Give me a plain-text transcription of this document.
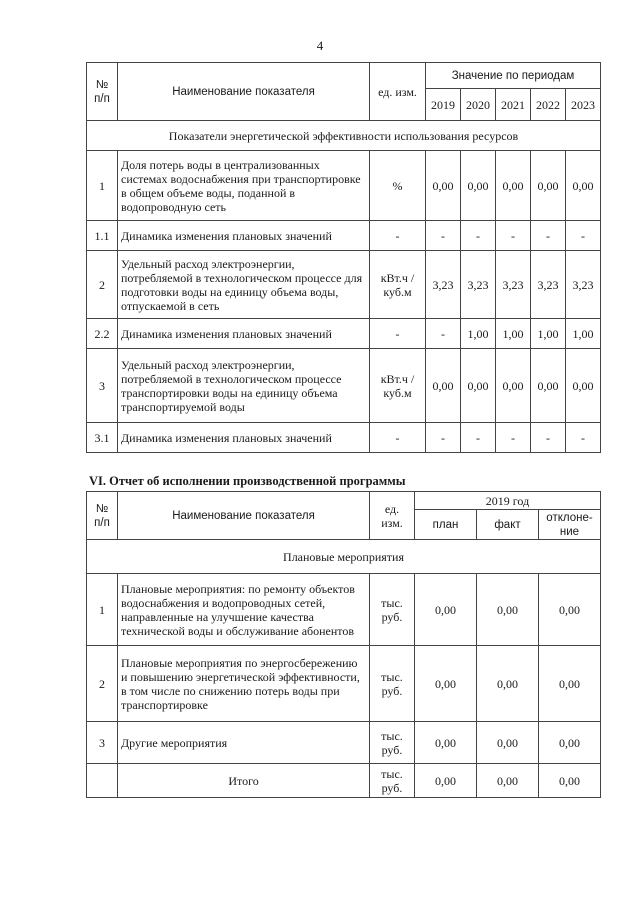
4
№ п/п	Наименование показателя	ед. изм.	Значение по периодам				
			2019	2020	2021	2022	2023
Показатели энергетической эффективности использования ресурсов							
1	Доля потерь воды в централизованных системах водоснабжения при транспортировке в общем объеме воды, поданной в водопроводную сеть	%	0,00	0,00	0,00	0,00	0,00
1.1	Динамика изменения плановых значений	-	-	-	-	-	-
2	Удельный расход электроэнергии, потребляемой в технологическом процессе для подготовки воды на единицу объема воды, отпускаемой в сеть	кВт.ч / куб.м	3,23	3,23	3,23	3,23	3,23
2.2	Динамика изменения плановых значений	-	-	1,00	1,00	1,00	1,00
3	Удельный расход электроэнергии, потребляемой в технологическом процессе транспортировки воды на единицу объема транспортируемой воды	кВт.ч / куб.м	0,00	0,00	0,00	0,00	0,00
3.1	Динамика изменения плановых значений	-	-	-	-	-	-
VI. Отчет об исполнении производственной программы
№ п/п	Наименование показателя	ед. изм.	2019 год		
			план	факт	отклоне-ние
Плановые мероприятия					
1	Плановые мероприятия: по ремонту объектов водоснабжения и водопроводных сетей, направленные на улучшение качества технической воды и обслуживание абонентов	тыс. руб.	0,00	0,00	0,00
2	Плановые мероприятия по энергосбережению и повышению энергетической эффективности, в том числе по снижению потерь воды при транспортировке	тыс. руб.	0,00	0,00	0,00
3	Другие мероприятия	тыс. руб.	0,00	0,00	0,00
	Итого	тыс. руб.	0,00	0,00	0,00
